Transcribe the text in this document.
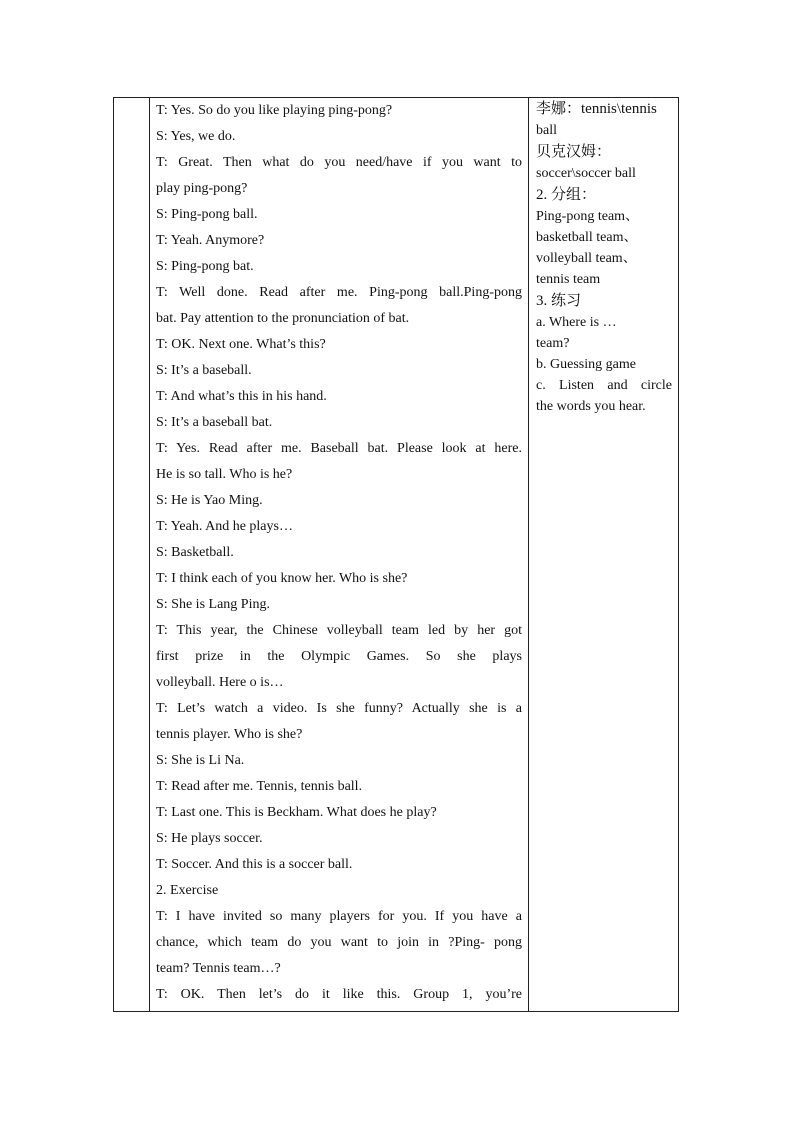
T: Yes. So do you like playing ping-pong?
S: Yes, we do.
T: Great. Then what do you need/have if you want to
play ping-pong?
S: Ping-pong ball.
T: Yeah. Anymore?
S: Ping-pong bat.
T: Well done. Read after me. Ping-pong ball.Ping-pong
bat. Pay attention to the pronunciation of bat.
T: OK. Next one. What’s this?
S: It’s a baseball.
T: And what’s this in his hand.
S: It’s a baseball bat.
T: Yes. Read after me. Baseball bat. Please look at here.
He is so tall. Who is he?
S: He is Yao Ming.
T: Yeah. And he plays…
S: Basketball.
T: I think each of you know her. Who is she?
S: She is Lang Ping.
T: This year, the Chinese volleyball team led by her got
first prize in the Olympic Games. So she plays
volleyball. Here o is…
T: Let’s watch a video. Is she funny? Actually she is a
tennis player. Who is she?
S: She is Li Na.
T: Read after me. Tennis, tennis ball.
T: Last one. This is Beckham. What does he play?
S: He plays soccer.
T: Soccer. And this is a soccer ball.
2. Exercise
T: I have invited so many players for you. If you have a
chance, which team do you want to join in ?Ping- pong
team? Tennis team…?
T: OK. Then let’s do it like this. Group 1, you’re
李娜：tennis\tennis
ball
贝克汉姆：
soccer\soccer ball
2. 分组：
Ping-pong team、
basketball team、
volleyball team、
tennis team
3. 练习
a. Where is …
team?
b. Guessing game
c. Listen and circle
the words you hear.
